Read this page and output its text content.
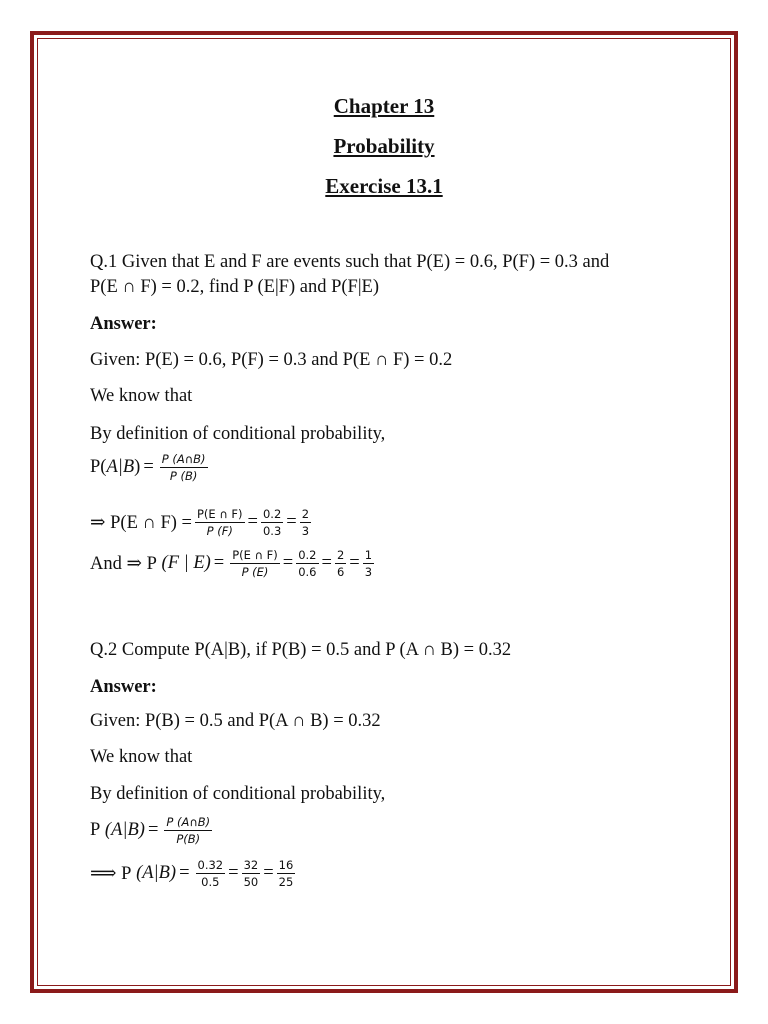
Chapter 13
Probability
Exercise 13.1
Q.1 Given that E and F are events such that P(E) = 0.6, P(F) = 0.3 and
P(E ∩ F) = 0.2, find P (E|F) and P(F|E)
Answer:
Given: P(E) = 0.6, P(F) = 0.3 and P(E ∩ F) = 0.2
We know that
By definition of conditional probability,
P( A|B ) = $\frac{P (A\cap B)}{P (B)}$
⇒ P(E ∩ $F) = \frac{P(E \cap F)}{P (F)} = \frac{0.2}{0.3} = \frac{2}{3}$
And ⇒ P
(F | $E) = \frac{P(E \cap F)}{P (E)} = \frac{0.2}{0.6} = \frac{2}{6} = \frac{1}{3}$
Q.2 Compute P(A|B), if P(B) = 0.5 and P (A ∩ B) = 0.32
Answer:
Given: P(B) = 0.5 and P(A ∩ B) = 0.32
We know that
By definition of conditional probability,
P
$(A|B) = \frac{P (A\cap B)}{P(B)}$
⟹ P
$(A|B) = \frac{0.32}{0.5} = \frac{32}{50} = \frac{16}{25}$
